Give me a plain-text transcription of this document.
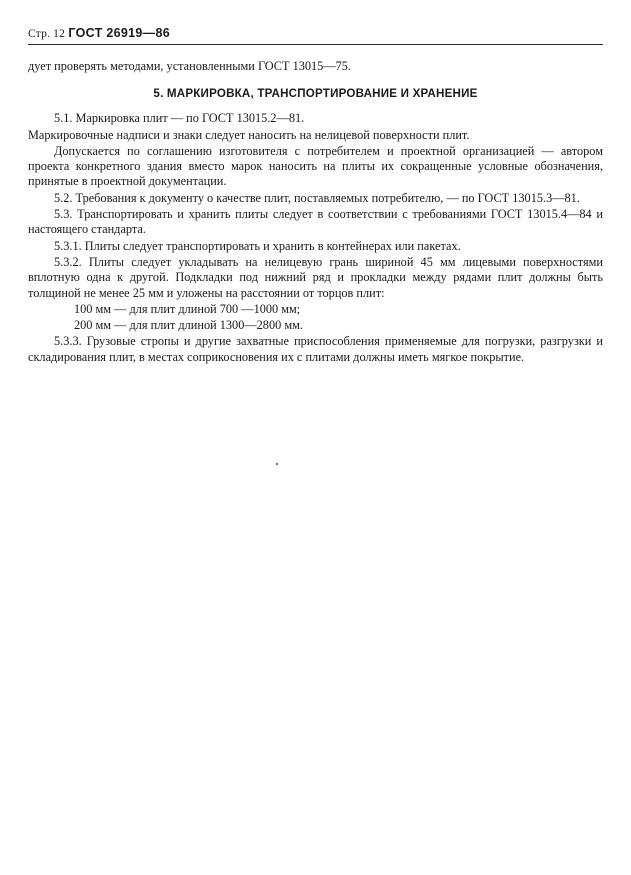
Стр. 12 ГОСТ 26919—86

дует проверять методами, установленными ГОСТ 13015—75.

5. МАРКИРОВКА, ТРАНСПОРТИРОВАНИЕ И ХРАНЕНИЕ

5.1. Маркировка плит — по ГОСТ 13015.2—81.

Маркировочные надписи и знаки следует наносить на нелицевой поверхности плит.

Допускается по соглашению изготовителя с потребителем и проектной организацией — автором проекта конкретного здания вместо марок наносить на плиты их сокращенные условные обозначения, принятые в проектной документации.

5.2. Требования к документу о качестве плит, поставляемых потребителю, — по ГОСТ 13015.3—81.

5.3. Транспортировать и хранить плиты следует в соответствии с требованиями ГОСТ 13015.4—84 и настоящего стандарта.

5.3.1. Плиты следует транспортировать и хранить в контейнерах или пакетах.

5.3.2. Плиты следует укладывать на нелицевую грань шириной 45 мм лицевыми поверхностями вплотную одна к другой. Подкладки под нижний ряд и прокладки между рядами плит должны быть толщиной не менее 25 мм и уложены на расстоянии от торцов плит:

100 мм — для плит длиной 700 —1000 мм;

200 мм — для плит длиной 1300—2800 мм.

5.3.3. Грузовые стропы и другие захватные приспособления применяемые для погрузки, разгрузки и складирования плит, в местах соприкосновения их с плитами должны иметь мягкое покрытие.
